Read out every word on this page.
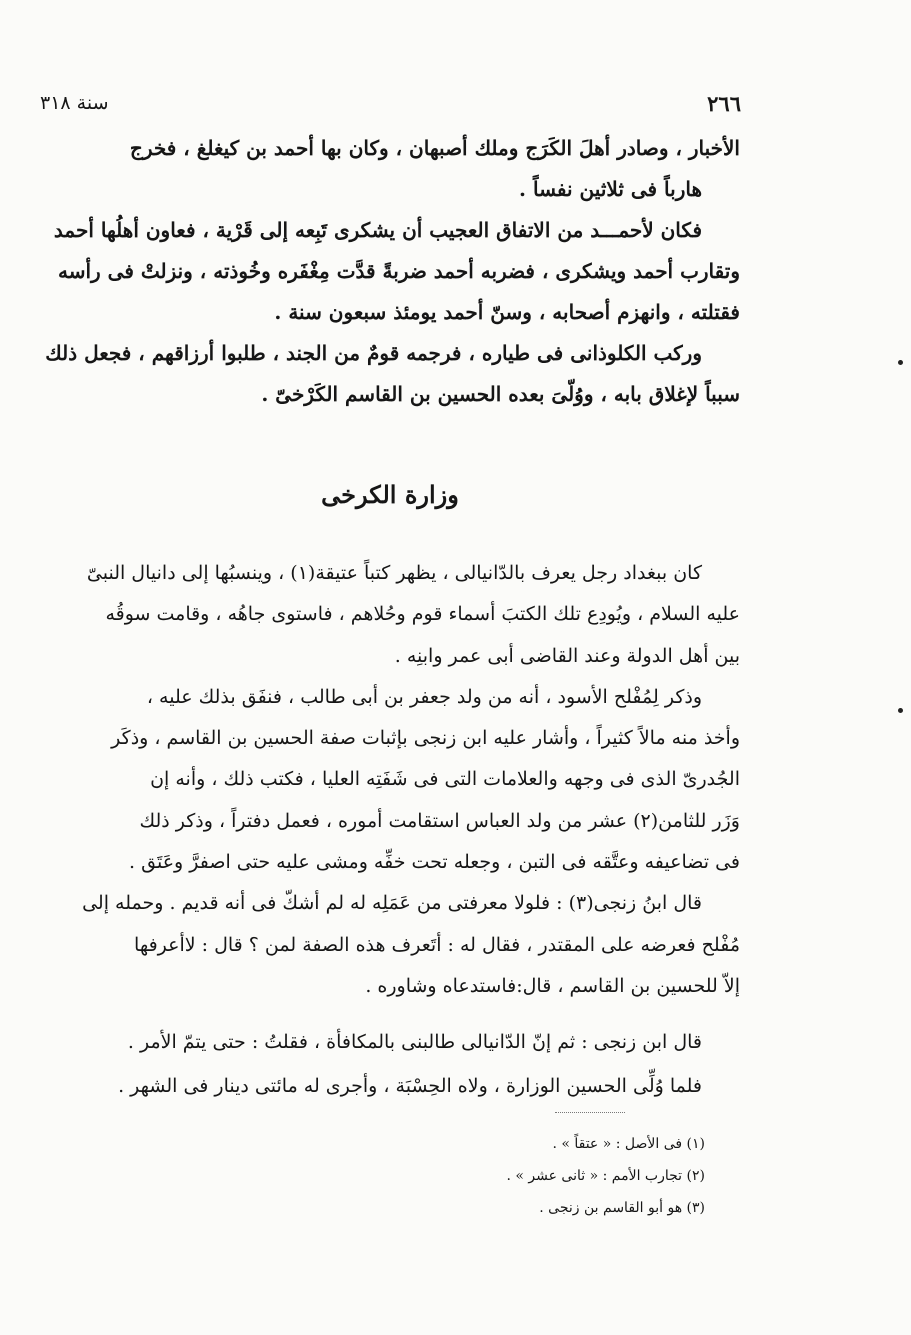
٢٦٦
سنة ٣١٨

الأخبار ، وصادر أهلَ الكَرَج وملك أصبهان ، وكان بها أحمد بن كيغلغ ، فخرج

هارباً فى ثلاثين نفساً .

فكان لأحمـــد من الاتفاق العجيب أن يشكرى تَبِعه إلى قَرْية ، فعاون أهلُها أحمد

وتقارب أحمد ويشكرى ، فضربه أحمد ضربةً قدَّت مِغْفَره وخُوذته ، ونزلتْ فى رأسه

فقتلته ، وانهزم أصحابه ، وسنّ أحمد يومئذ سبعون سنة .

وركب الكلوذانى فى طياره ، فرجمه قومٌ من الجند ، طلبوا أرزاقهم ، فجعل ذلك

سبباً لإغلاق بابه ، ووُلّىَ بعده الحسين بن القاسم الكَرْخىّ .

وزارة الكرخى

كان ببغداد رجل يعرف بالدّانيالى ، يظهر كتباً عتيقة(١) ، وينسبُها إلى دانيال النبىّ

عليه السلام ، ويُودِع تلك الكتبَ أسماء قوم وحُلاهم ، فاستوى جاهُه ، وقامت سوقُه

بين أهل الدولة وعند القاضى أبى عمر وابنِه .

وذكر لِمُفْلح الأسود ، أنه من ولد جعفر بن أبى طالب ، فنفَق بذلك عليه ،

وأخذ منه مالاً كثيراً ، وأشار عليه ابن زنجى بإثبات صفة الحسين بن القاسم ، وذكَر

الجُدرىّ الذى فى وجهه والعلامات التى فى شَفَتِه العليا ، فكتب ذلك ، وأنه إن

وَزَر للثامن(٢) عشر من ولد العباس استقامت أموره ، فعمل دفتراً ، وذكر ذلك

فى تضاعيفه وعتَّقه فى التبن ، وجعله تحت خفِّه ومشى عليه حتى اصفرَّ وعَتَق .

قال ابنُ زنجى(٣) : فلولا معرفتى من عَمَلِه له لم أشكّ فى أنه قديم . وحمله إلى

مُفْلح فعرضه على المقتدر ، فقال له : أتَعرف هذه الصفة لمن ؟ قال : لاأعرفها

إلاّ للحسين بن القاسم ، قال:فاستدعاه وشاوره .

قال ابن زنجى : ثم إنّ الدّانيالى طالبنى بالمكافأة ، فقلتُ : حتى يتمّ الأمر .

فلما وُلِّى الحسين الوزارة ، ولاه الحِسْبَة ، وأجرى له مائتى دينار فى الشهر .

(١) فى الأصل : « عتقاً » .

(٢) تجارب الأمم : « ثانى عشر » .

(٣) هو أبو القاسم بن زنجى .
